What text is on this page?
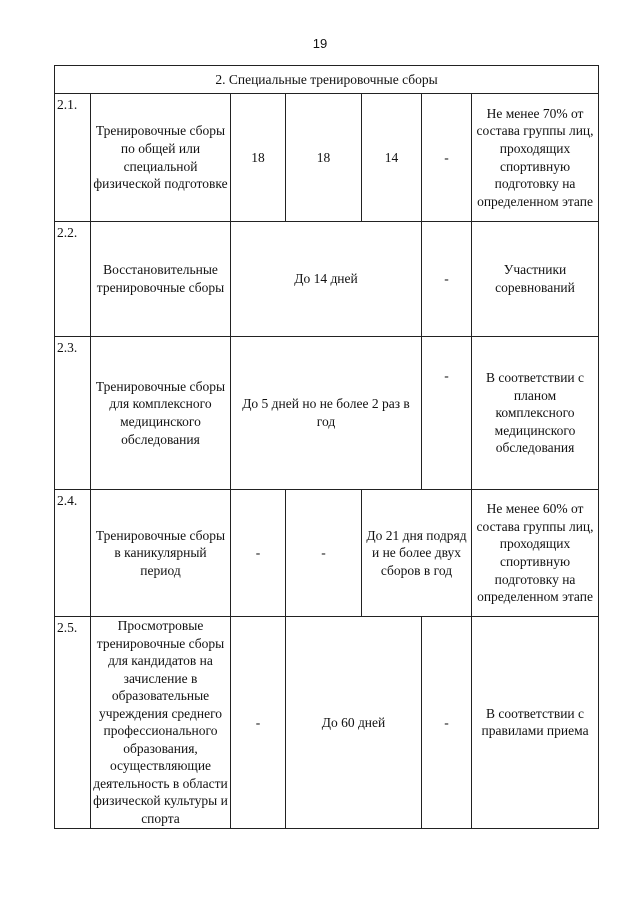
19
2. Специальные тренировочные сборы						
2.1.	Тренировочные сборы по общей или специальной физической подготовке	18	18	14	-	Не менее 70% от состава группы лиц, проходящих спортивную подготовку на определенном этапе
2.2.	Восстановительные тренировочные сборы	До 14 дней			-	Участники соревнований
2.3.	Тренировочные сборы для комплексного медицинского обследования	До 5 дней но не более 2 раз в год			-	В соответствии с планом комплексного медицинского обследования
2.4.	Тренировочные сборы в каникулярный период	-	-	До 21 дня подряд и не более двух сборов в год		Не менее 60% от состава группы лиц, проходящих спортивную подготовку на определенном этапе
2.5.	Просмотровые тренировочные сборы для кандидатов на зачисление в образовательные учреждения среднего профессионального образования, осуществляющие деятельность в области физической культуры и спорта	-	До 60 дней		-	В соответствии с правилами приема
